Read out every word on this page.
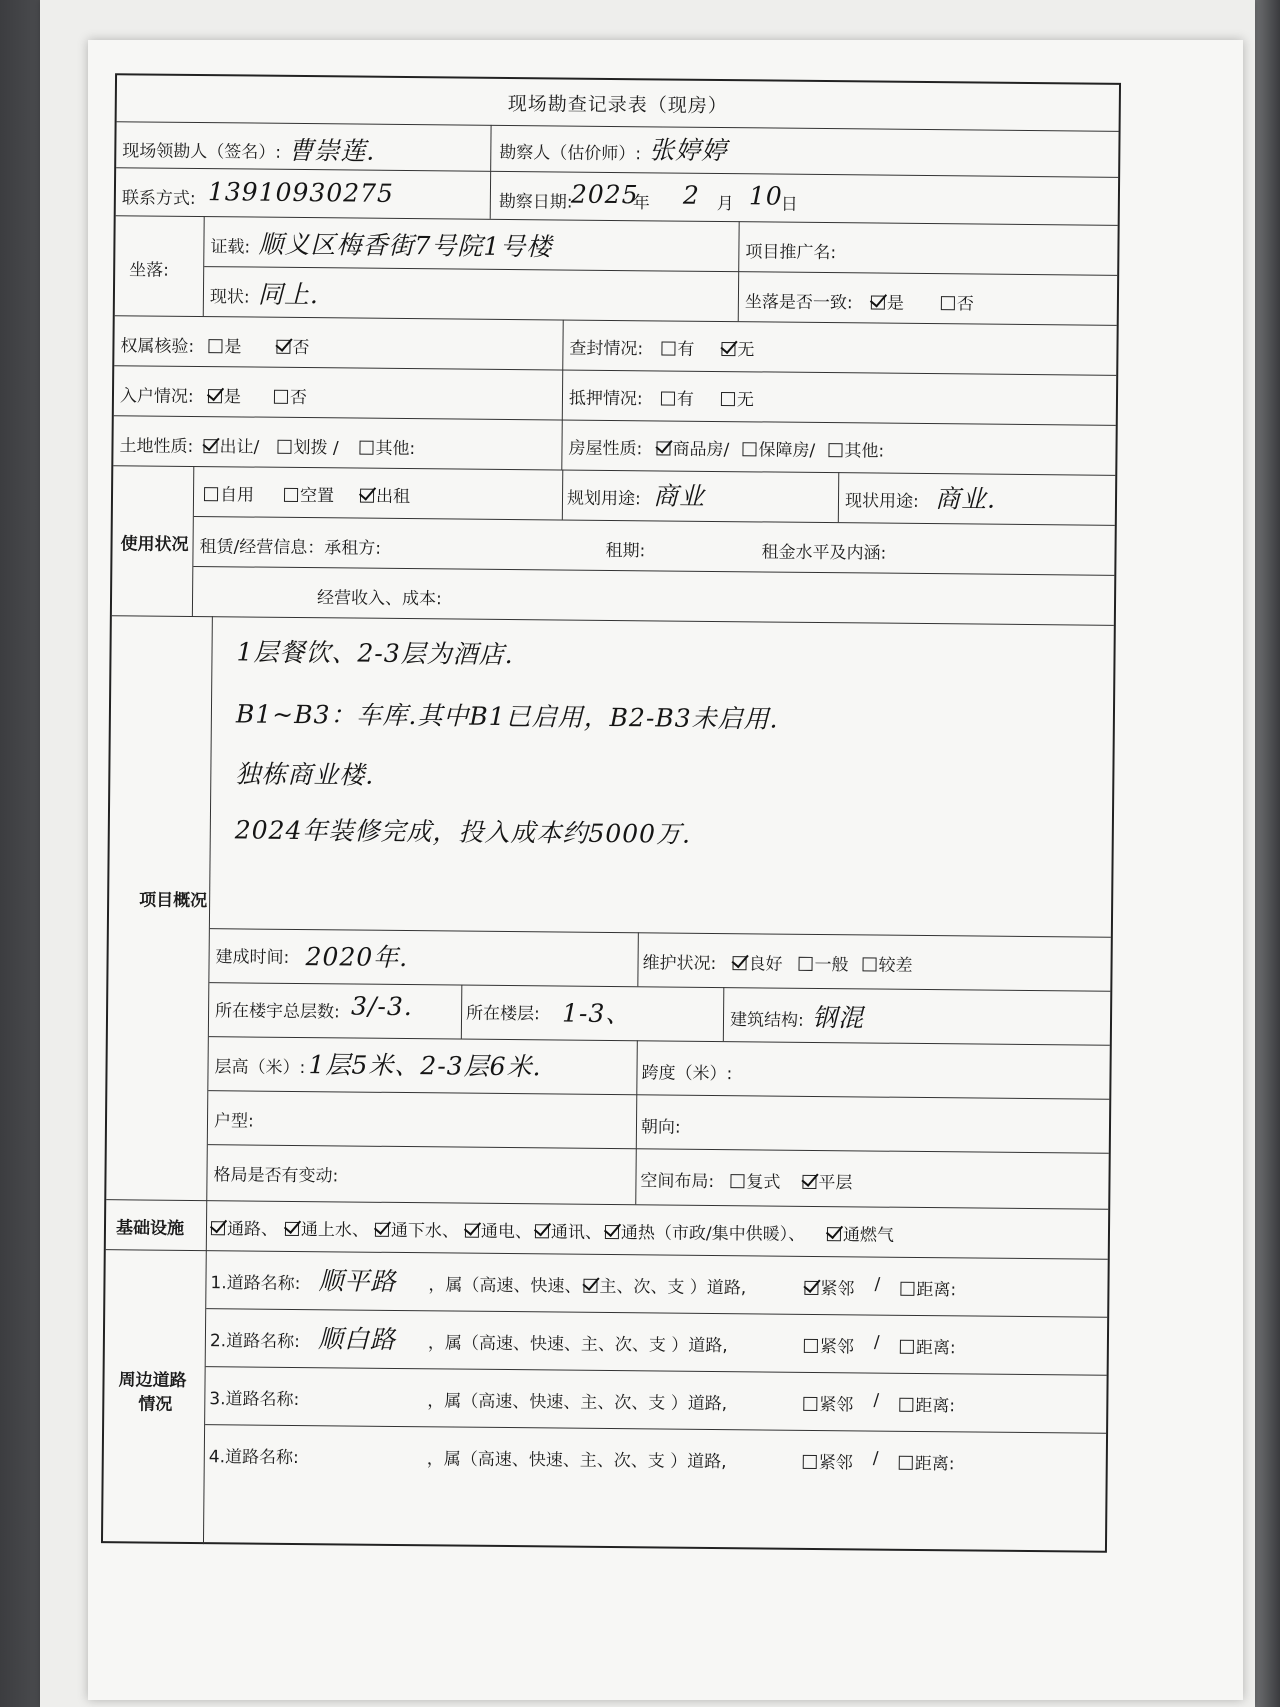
现场勘查记录表（现房）
现场领勘人（签名）: 曹崇莲.	勘察人（估价师）: 张婷婷
联系方式: 13910930275	勘察日期:
2025
年 2 月 10
日
坐落:
证载: 顺义区梅香街7号院1号楼	项目推广名:
现状: 同上.	坐落是否一致:	是	否
权属核验:	是	否	查封情况:	有	无
入户情况:	是	否	抵押情况:	有	无
土地性质:	出让/	划拨 /	其他:	房屋性质:	商品房/	保障房/	其他:
使用状况
自用	空置	出租	规划用途: 商业	现状用途: 商业.
租赁/经营信息：承租方:	租期:	租金水平及内涵:
经营收入、成本:
项目概况
1层餐饮、2-3层为酒店.
B1~B3：车库.其中B1已启用，B2-B3未启用.
独栋商业楼.
2024年装修完成，投入成本约5000万.
建成时间: 2020年.	维护状况:	良好	一般	较差
所在楼宇总层数: 3/-3.	所在楼层: 1-3、	建筑结构: 钢混
层高（米）: 1层5米、2-3层6米.	跨度（米）:
户型:	朝向:
格局是否有变动:	空间布局:	复式	平层
基础设施	通路、	通上水、	通下水、	通电、	通讯、	通热（市政/集中供暖）、	通燃气
周边道路
情况
1.道路名称: 顺平路 ，属（高速、快速、 主、次、支 ）道路,	紧邻 /	距离:
2.道路名称: 顺白路 ，属（高速、快速、主、次、支 ）道路,	紧邻 /	距离:
3.道路名称:	，属（高速、快速、主、次、支 ）道路,	紧邻 /	距离:
4.道路名称:	，属（高速、快速、主、次、支 ）道路,	紧邻 /	距离:
